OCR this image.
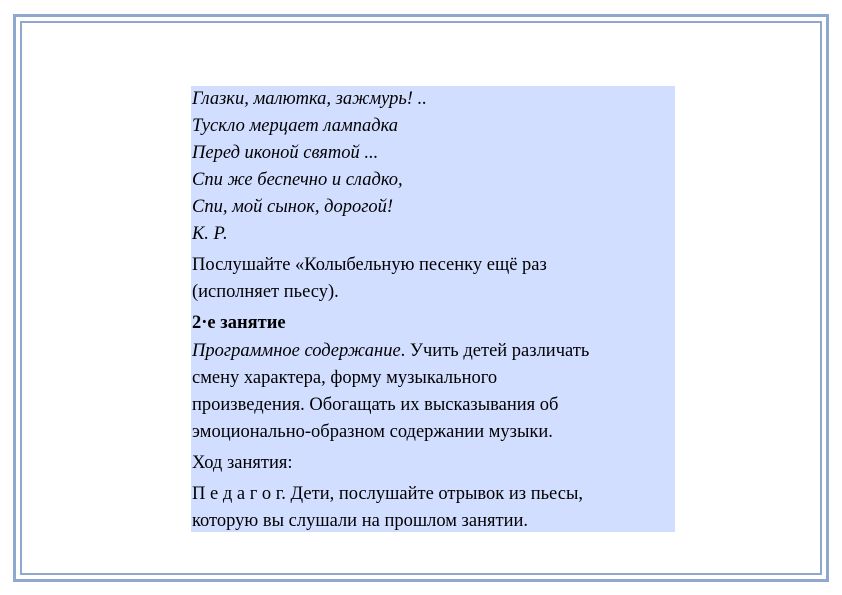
Глазки, малютка, зажмурь! ..
Тускло мерцает лампадка
Перед иконой святой ...
Спи же беспечно и сладко,
Спи, мой сынок, дорогой!
К. Р.
Послушайте «Колыбельную песенку ещё раз
(исполняет пьесу).
2·е занятие
Программное содержание. Учить детей различать
смену характера, форму музыкального
произведения. Обогащать их высказывания об
эмоционально-образном содержании музыки.
Ход занятия:
П е д а г о г. Дети, послушайте отрывок из пьесы,
которую вы слушали на прошлом занятии.
